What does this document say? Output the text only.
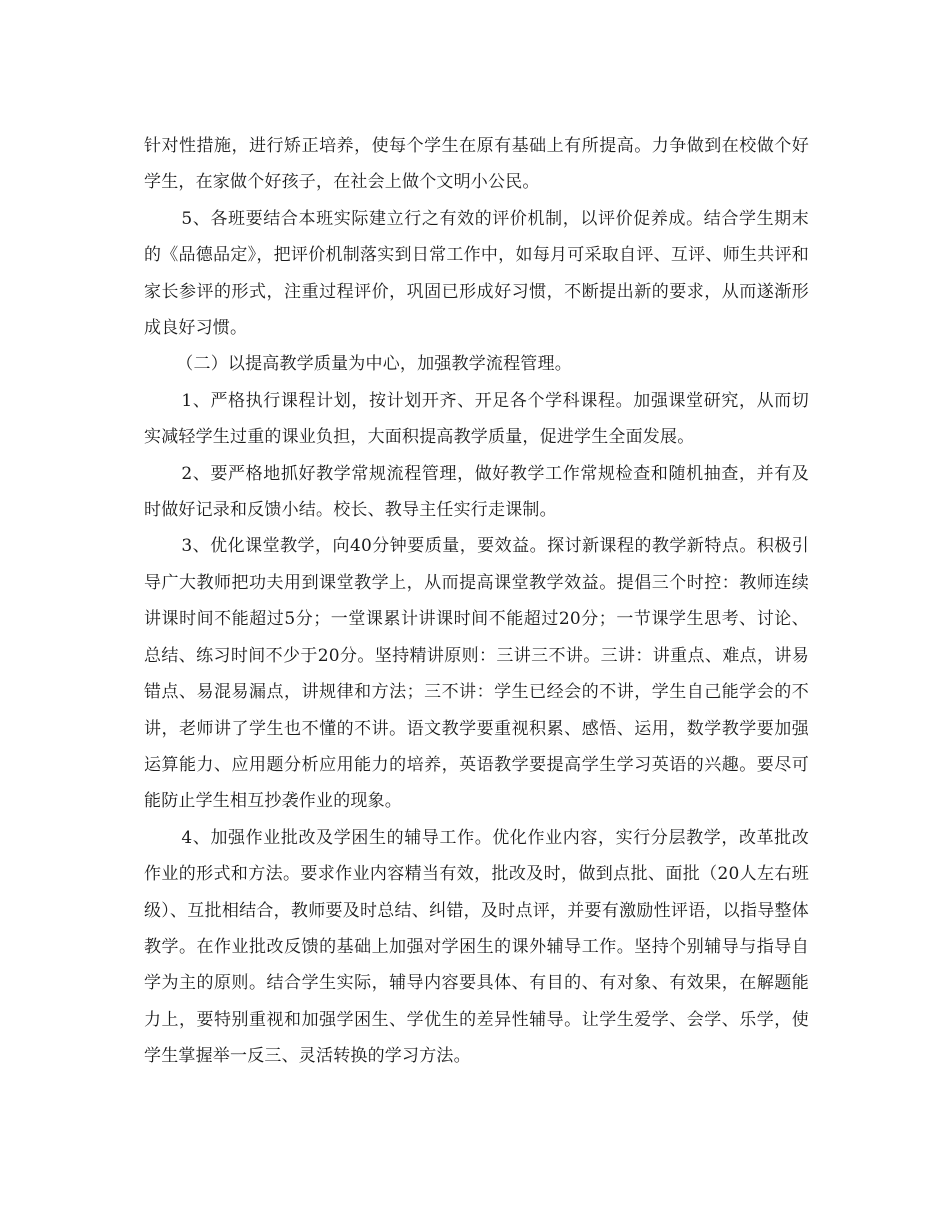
针对性措施，进行矫正培养，使每个学生在原有基础上有所提高。力争做到在校做个好学生，在家做个好孩子，在社会上做个文明小公民。

5、各班要结合本班实际建立行之有效的评价机制，以评价促养成。结合学生期末的《品德品定》，把评价机制落实到日常工作中，如每月可采取自评、互评、师生共评和家长参评的形式，注重过程评价，巩固已形成好习惯，不断提出新的要求，从而遂渐形成良好习惯。

（二）以提高教学质量为中心，加强教学流程管理。

1、严格执行课程计划，按计划开齐、开足各个学科课程。加强课堂研究，从而切实减轻学生过重的课业负担，大面积提高教学质量，促进学生全面发展。

2、要严格地抓好教学常规流程管理，做好教学工作常规检查和随机抽查，并有及时做好记录和反馈小结。校长、教导主任实行走课制。

3、优化课堂教学，向40分钟要质量，要效益。探讨新课程的教学新特点。积极引导广大教师把功夫用到课堂教学上，从而提高课堂教学效益。提倡三个时控：教师连续讲课时间不能超过5分；一堂课累计讲课时间不能超过20分；一节课学生思考、讨论、总结、练习时间不少于20分。坚持精讲原则：三讲三不讲。三讲：讲重点、难点，讲易错点、易混易漏点，讲规律和方法；三不讲：学生已经会的不讲，学生自己能学会的不讲，老师讲了学生也不懂的不讲。语文教学要重视积累、感悟、运用，数学教学要加强运算能力、应用题分析应用能力的培养，英语教学要提高学生学习英语的兴趣。要尽可能防止学生相互抄袭作业的现象。

4、加强作业批改及学困生的辅导工作。优化作业内容，实行分层教学，改革批改作业的形式和方法。要求作业内容精当有效，批改及时，做到点批、面批（20人左右班级）、互批相结合，教师要及时总结、纠错，及时点评，并要有激励性评语，以指导整体教学。在作业批改反馈的基础上加强对学困生的课外辅导工作。坚持个别辅导与指导自学为主的原则。结合学生实际，辅导内容要具体、有目的、有对象、有效果，在解题能力上，要特别重视和加强学困生、学优生的差异性辅导。让学生爱学、会学、乐学，使学生掌握举一反三、灵活转换的学习方法。
